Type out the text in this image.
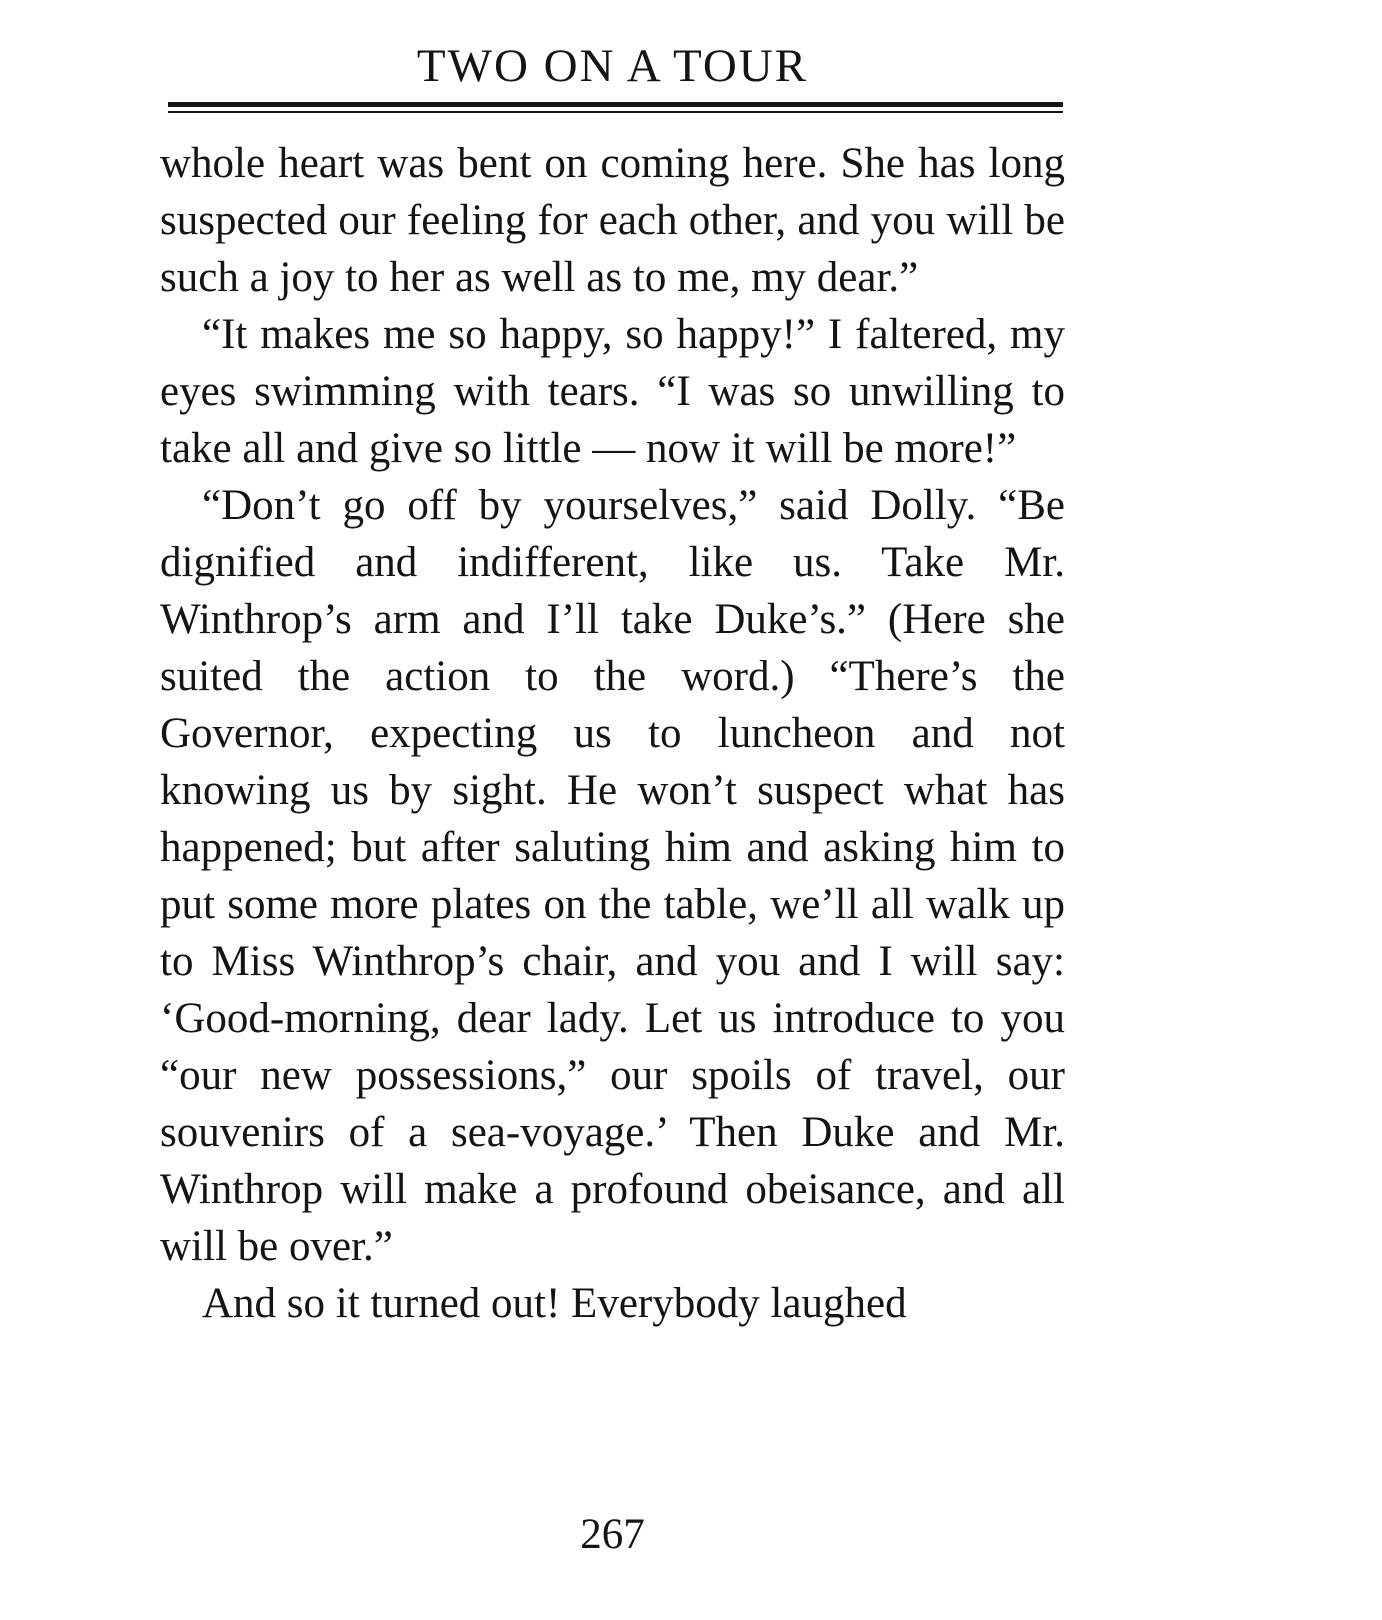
TWO ON A TOUR

whole heart was bent on coming here. She has long suspected our feeling for each other, and you will be such a joy to her as well as to me, my dear.”

“It makes me so happy, so happy!” I faltered, my eyes swimming with tears. “I was so unwilling to take all and give so little — now it will be more!”

“Don’t go off by yourselves,” said Dolly. “Be dignified and indifferent, like us. Take Mr. Winthrop’s arm and I’ll take Duke’s.” (Here she suited the action to the word.) “There’s the Governor, expecting us to luncheon and not knowing us by sight. He won’t suspect what has happened; but after saluting him and asking him to put some more plates on the table, we’ll all walk up to Miss Winthrop’s chair, and you and I will say: ‘Good-morning, dear lady. Let us introduce to you “our new possessions,” our spoils of travel, our souvenirs of a sea-voyage.’ Then Duke and Mr. Winthrop will make a profound obeisance, and all will be over.”

And so it turned out! Everybody laughed

267
